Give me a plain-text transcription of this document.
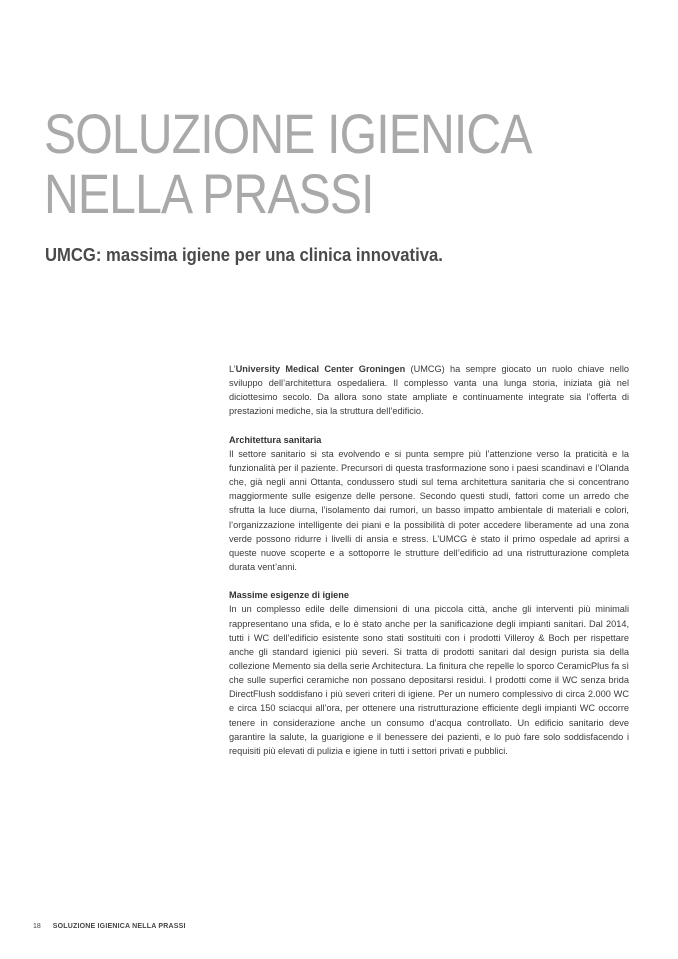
SOLUZIONE IGIENICA
NELLA PRASSI
UMCG: massima igiene per una clinica innovativa.

L’University Medical Center Groningen (UMCG) ha sempre giocato un ruolo chiave nello sviluppo dell’architettura ospedaliera. Il complesso vanta una lunga storia, iniziata già nel diciottesimo secolo. Da allora sono state ampliate e continuamente integrate sia l’offerta di prestazioni mediche, sia la struttura dell’edificio.

Architettura sanitaria

Il settore sanitario si sta evolvendo e si punta sempre più l’attenzione verso la praticità e la funzionalità per il paziente. Precursori di questa trasformazione sono i paesi scandinavi e l’Olanda che, già negli anni Ottanta, condussero studi sul tema architettura sanitaria che si concentrano maggiormente sulle esigenze delle persone. Secondo questi studi, fattori come un arredo che sfrutta la luce diurna, l’isolamento dai rumori, un basso impatto ambientale di materiali e colori, l’organizzazione intelligente dei piani e la possibilità di poter accedere liberamente ad una zona verde possono ridurre i livelli di ansia e stress. L’UMCG è stato il primo ospedale ad aprirsi a queste nuove scoperte e a sottoporre le strutture dell’edificio ad una ristrutturazione completa durata vent’anni.

Massime esigenze di igiene

In un complesso edile delle dimensioni di una piccola città, anche gli interventi più minimali rappresentano una sfida, e lo è stato anche per la sanificazione degli impianti sanitari. Dal 2014, tutti i WC dell’edificio esistente sono stati sostituiti con i prodotti Villeroy & Boch per rispettare anche gli standard igienici più severi. Si tratta di prodotti sanitari dal design purista sia della collezione Memento sia della serie Architectura. La finitura che repelle lo sporco CeramicPlus fa sì che sulle superfici ceramiche non possano depositarsi residui. I prodotti come il WC senza brida DirectFlush soddisfano i più severi criteri di igiene. Per un numero complessivo di circa 2.000 WC e circa 150 sciacqui all’ora, per ottenere una ristrutturazione efficiente degli impianti WC occorre tenere in considerazione anche un consumo d’acqua controllato. Un edificio sanitario deve garantire la salute, la guarigione e il benessere dei pazienti, e lo può fare solo soddisfacendo i requisiti più elevati di pulizia e igiene in tutti i settori privati e pubblici.

18 SOLUZIONE IGIENICA NELLA PRASSI
